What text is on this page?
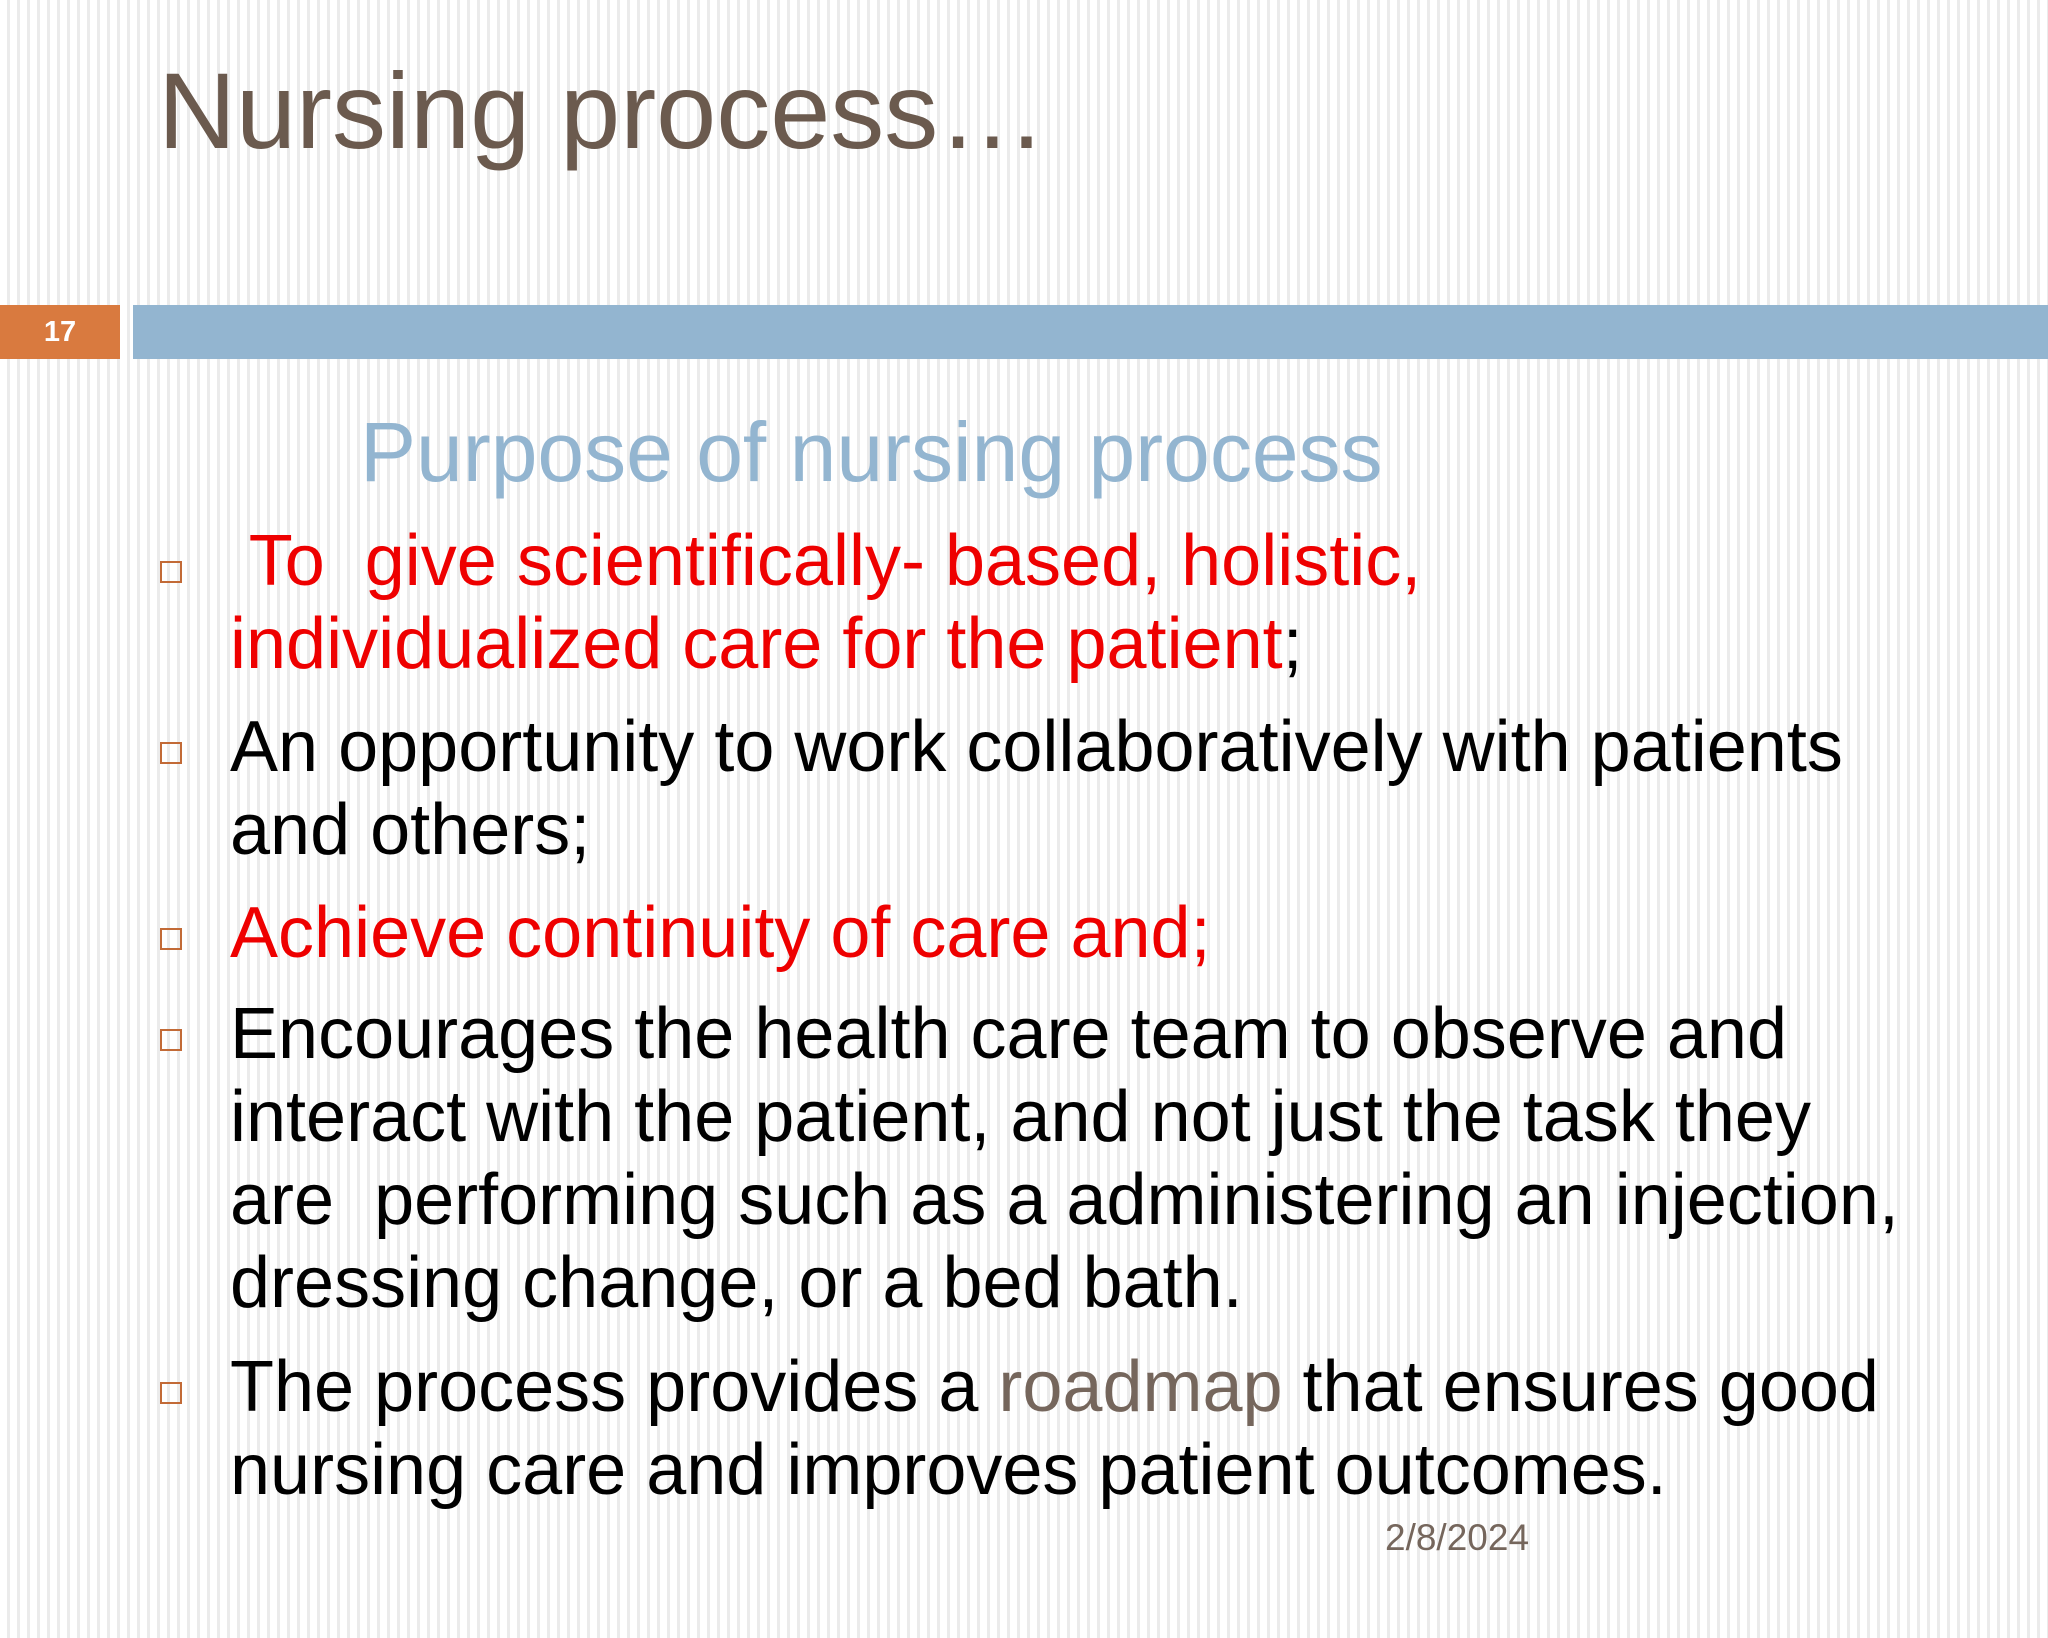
Nursing process…
17
Purpose of nursing process
To  give scientifically- based, holistic,
individualized care for the patient;
An opportunity to work collaboratively with patients and others;
Achieve continuity of care and;
Encourages the health care team to observe and interact with the patient, and not just the task they are  performing such as a administering an injection, dressing change, or a bed bath.
The process provides a roadmap that ensures good nursing care and improves patient outcomes.
2/8/2024
